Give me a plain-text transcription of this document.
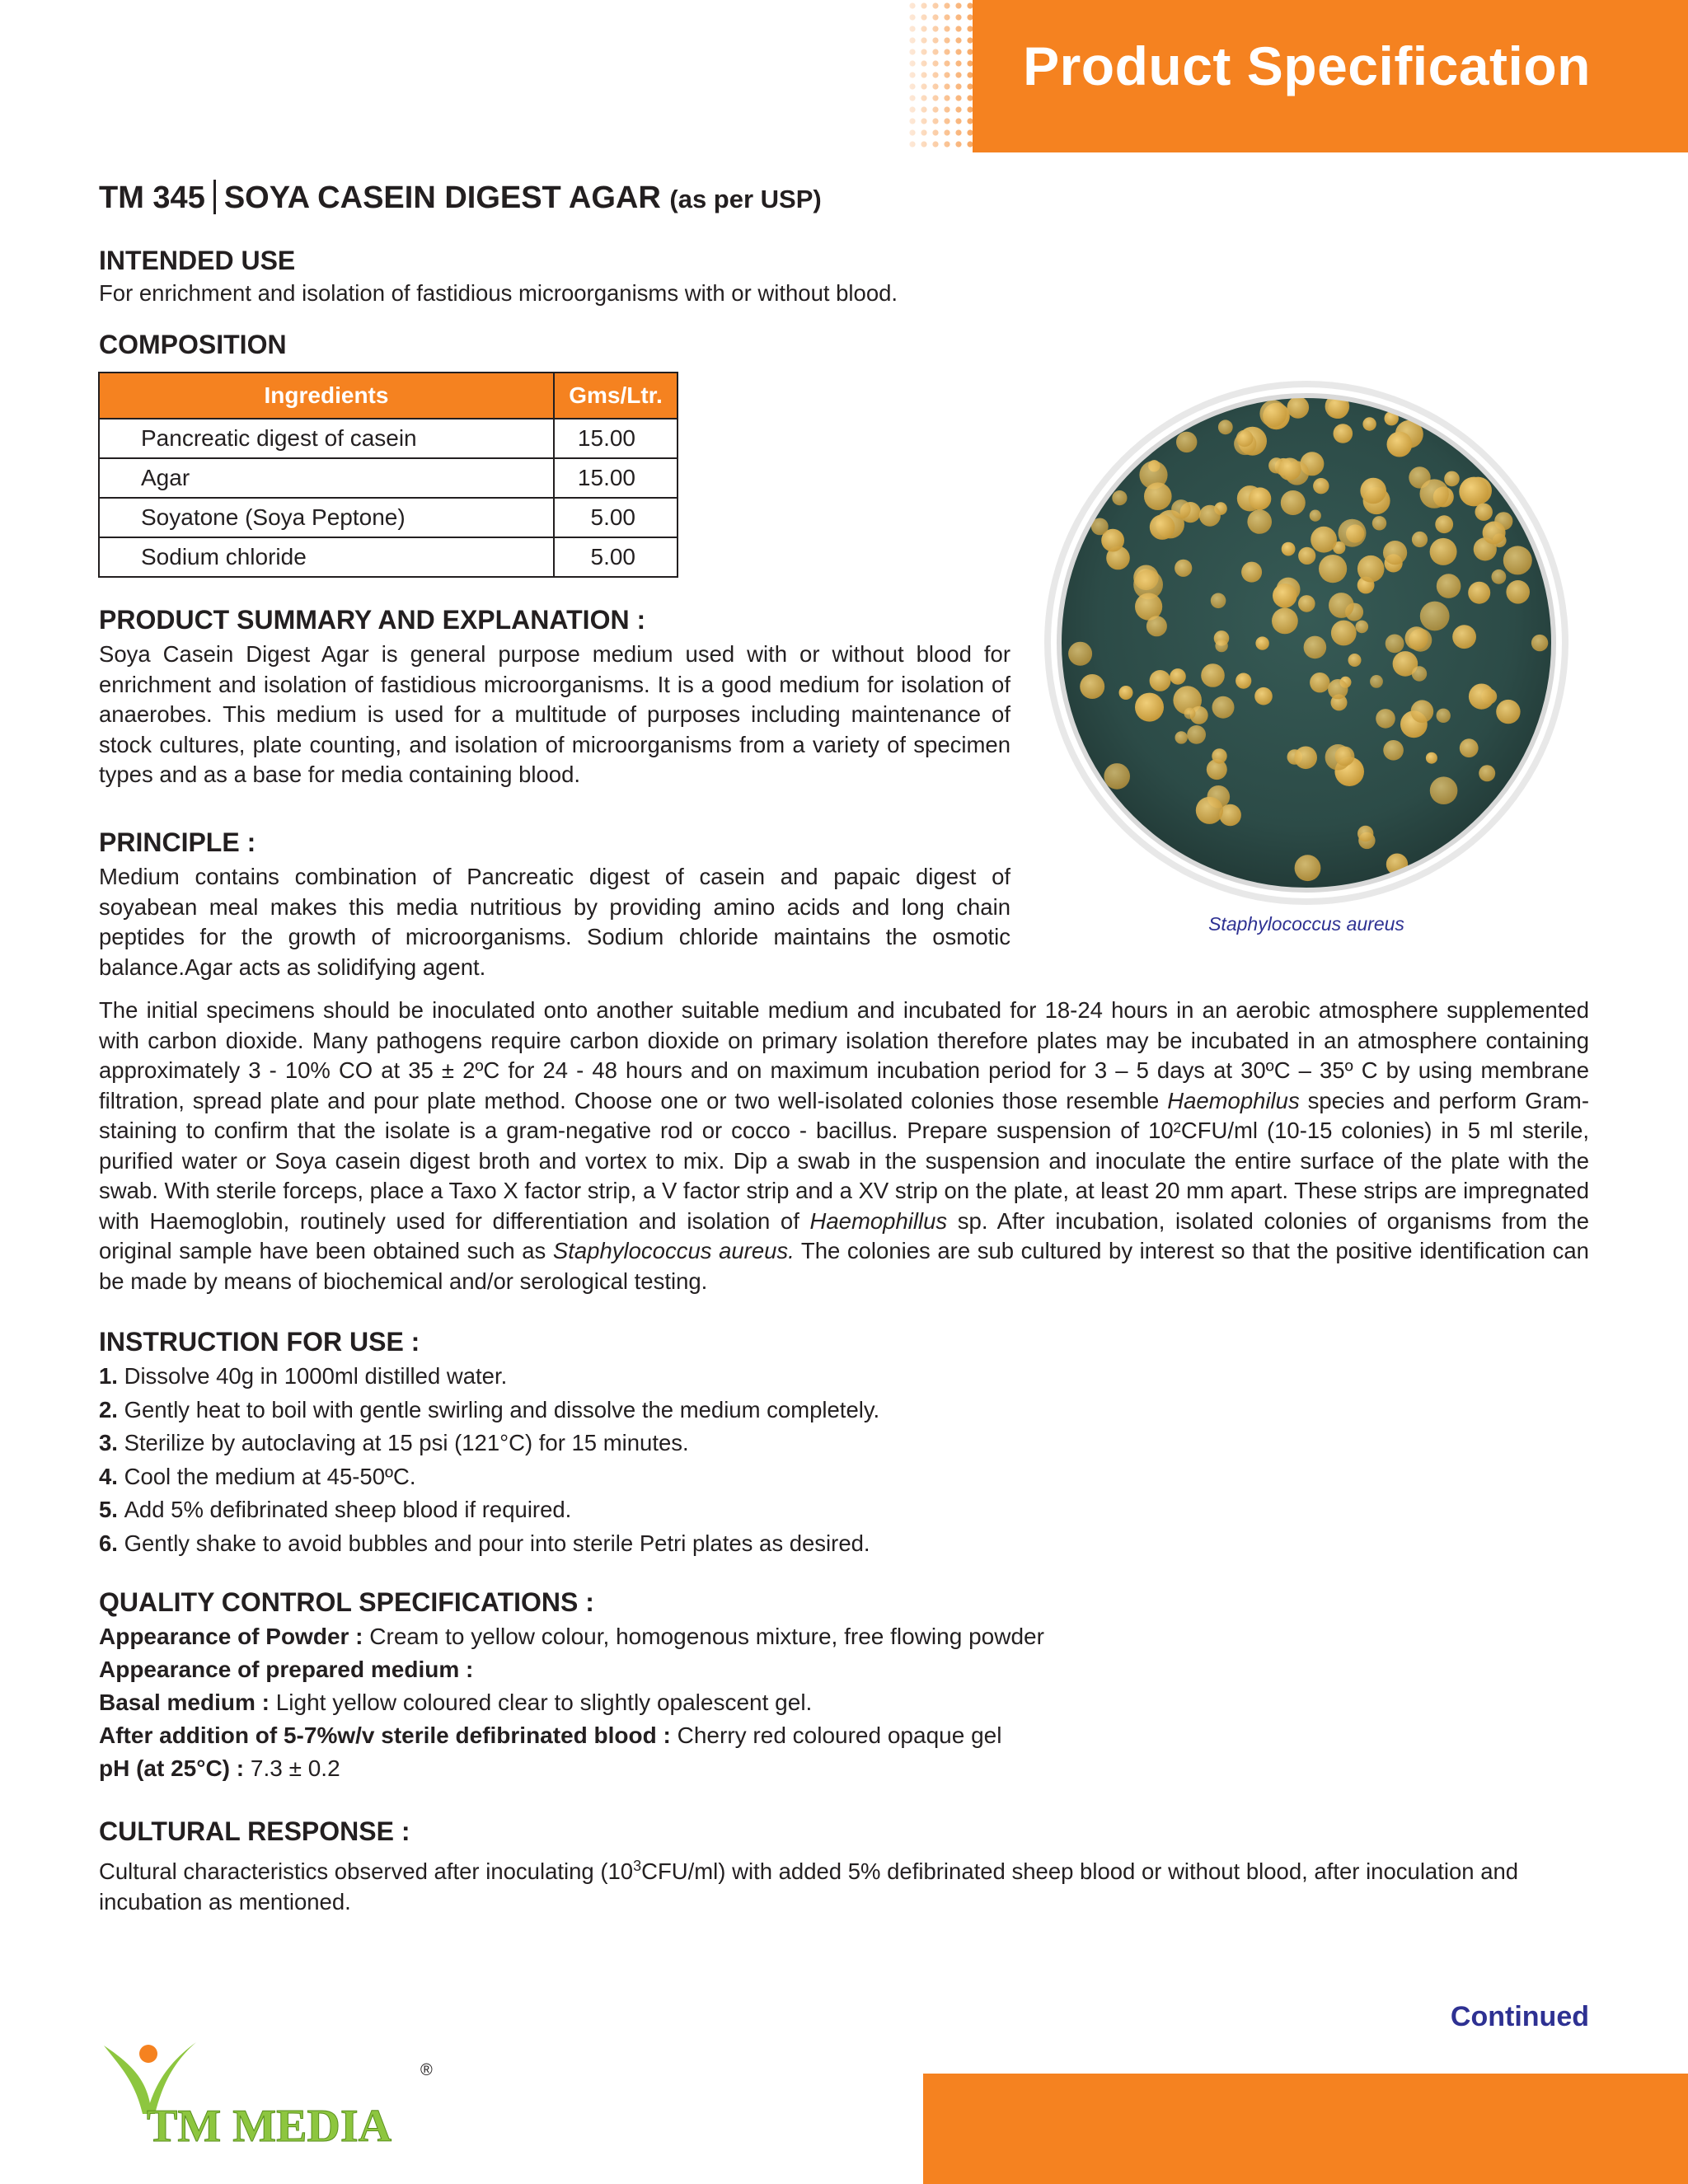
Product Specification
TM 345 SOYA CASEIN DIGEST AGAR (as per USP)
INTENDED USE

For enrichment and isolation of fastidious microorganisms with or without blood.

COMPOSITION
Ingredients	Gms/Ltr.
Pancreatic digest of casein	15.00
Agar	15.00
Soyatone (Soya Peptone)	5.00
Sodium chloride	5.00
Staphylococcus aureus
PRODUCT SUMMARY AND EXPLANATION :

Soya Casein Digest Agar is general purpose medium used with or without blood for enrichment and isolation of fastidious microorganisms. It is a good medium for isolation of anaerobes. This medium is used for a multitude of purposes including maintenance of stock cultures, plate counting, and isolation of microorganisms from a variety of specimen types and as a base for media containing blood.

PRINCIPLE :

Medium contains combination of Pancreatic digest of casein and papaic digest of soyabean meal makes this media nutritious by providing amino acids and long chain peptides for the growth of microorganisms. Sodium chloride maintains the osmotic balance.Agar acts as solidifying agent.

The initial specimens should be inoculated onto another suitable medium and incubated for 18-24 hours in an aerobic atmosphere supplemented with carbon dioxide. Many pathogens require carbon dioxide on primary isolation therefore plates may be incubated in an atmosphere containing approximately 3 - 10% CO at 35 ± 2ºC for 24 - 48 hours and on maximum incubation period for 3 – 5 days at 30ºC – 35º C by using membrane filtration, spread plate and pour plate method. Choose one or two well-isolated colonies those resemble Haemophilus species and perform Gram-staining to confirm that the isolate is a gram-negative rod or cocco - bacillus. Prepare suspension of 10²CFU/ml (10-15 colonies) in 5 ml sterile, purified water or Soya casein digest broth and vortex to mix. Dip a swab in the suspension and inoculate the entire surface of the plate with the swab. With sterile forceps, place a Taxo X factor strip, a V factor strip and a XV strip on the plate, at least 20 mm apart. These strips are impregnated with Haemoglobin, routinely used for differentiation and isolation of Haemophillus sp. After incubation, isolated colonies of organisms from the original sample have been obtained such as Staphylococcus aureus. The colonies are sub cultured by interest so that the positive identification can be made by means of biochemical and/or serological testing.

INSTRUCTION FOR USE :
1. Dissolve 40g in 1000ml distilled water.
2. Gently heat to boil with gentle swirling and dissolve the medium completely.
3. Sterilize by autoclaving at 15 psi (121°C) for 15 minutes.
4. Cool the medium at 45-50ºC.
5. Add 5% defibrinated sheep blood if required.
6. Gently shake to avoid bubbles and pour into sterile Petri plates as desired.
QUALITY CONTROL SPECIFICATIONS :

Appearance of Powder : Cream to yellow colour, homogenous mixture, free flowing powder

Appearance of prepared medium :

Basal medium : Light yellow coloured clear to slightly opalescent gel.

After addition of 5-7%w/v sterile defibrinated blood : Cherry red coloured opaque gel

pH (at 25°C) : 7.3 ± 0.2

CULTURAL RESPONSE :

Cultural characteristics observed after inoculating $(10^3CFU/ml)$ with added 5% defibrinated sheep blood or without blood, after inoculation and incubation as mentioned.

Continued
TM MEDIA
®
